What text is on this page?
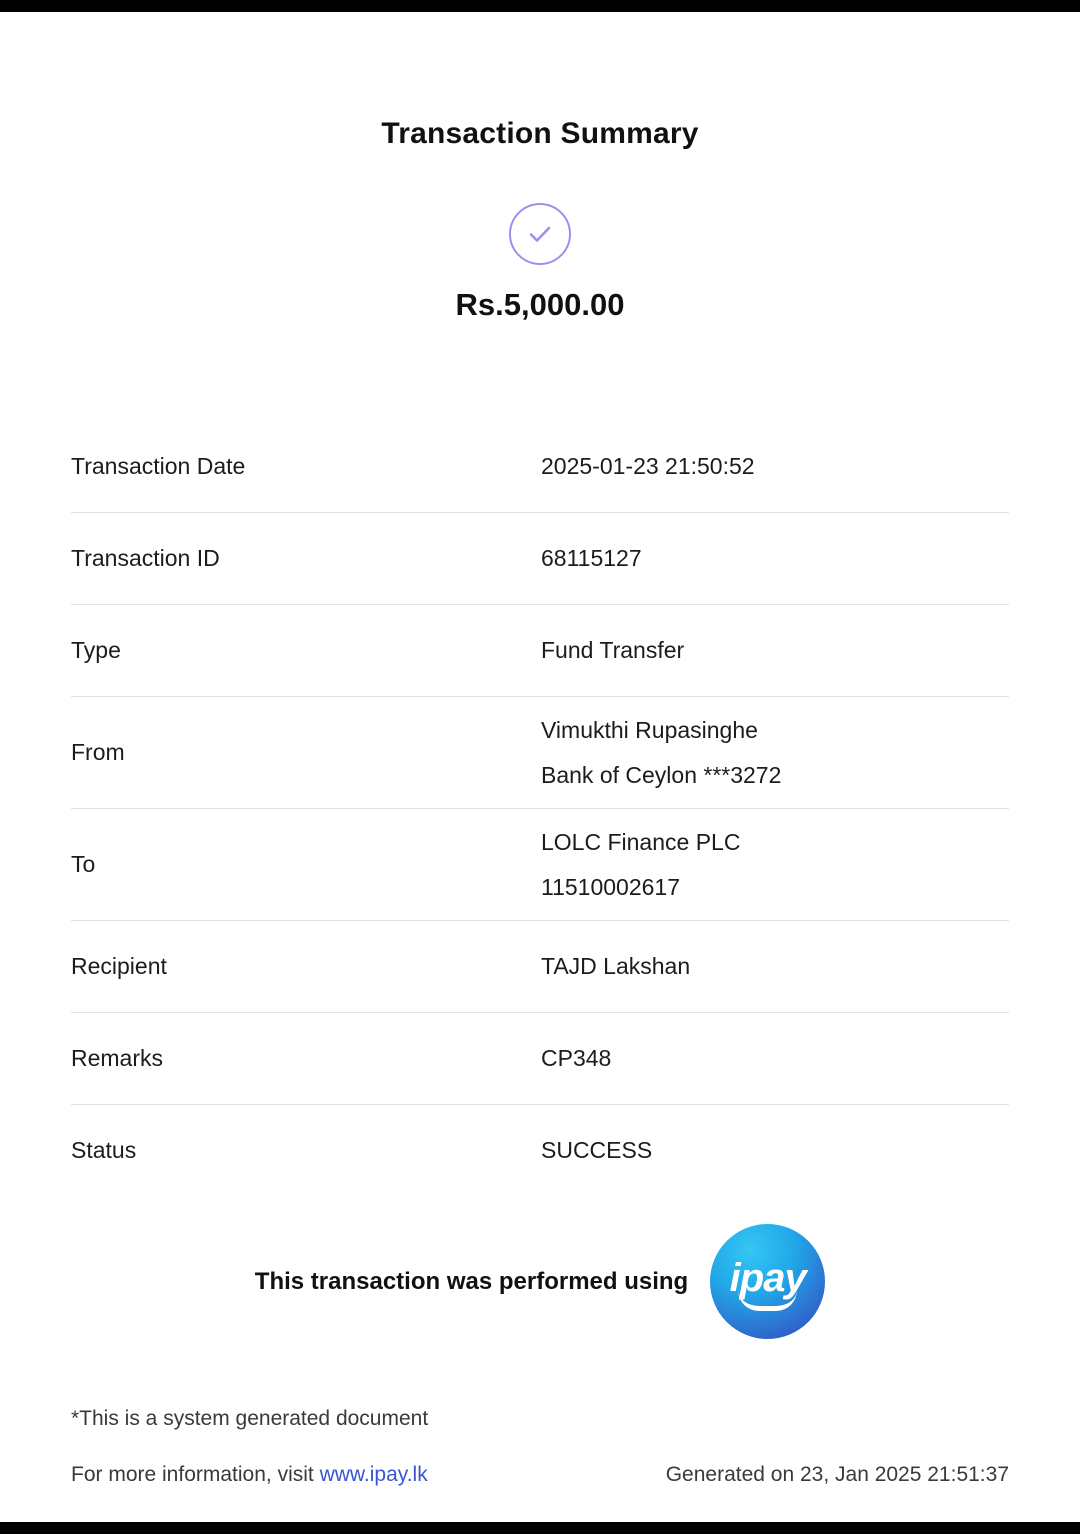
Transaction Summary
Rs.5,000.00
Transaction Date	2025-01-23 21:50:52

Transaction ID	68115127

Type	Fund Transfer

From	Vimukthi Rupasinghe
Bank of Ceylon ***3272

To	LOLC Finance PLC
11510002617

Recipient	TAJD Lakshan

Remarks	CP348

Status	SUCCESS
This transaction was performed using ipay
*This is a system generated document
For more information, visit www.ipay.lk	Generated on 23, Jan 2025 21:51:37
